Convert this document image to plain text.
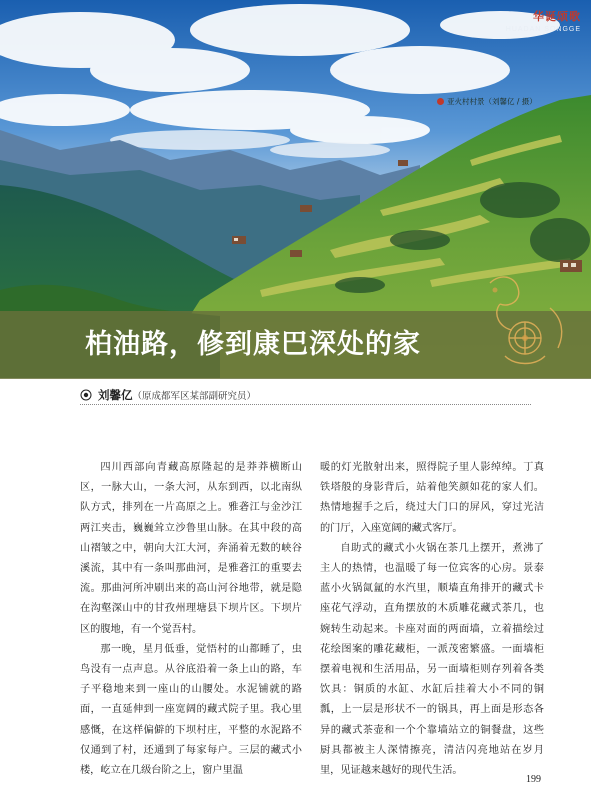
华诞颂歌
HUADAN SONGGE
亚火村村景（刘馨亿 / 摄）
柏油路，修到康巴深处的家
刘馨亿 （原成都军区某部副研究员）

四川西部向青藏高原隆起的是莽莽横断山区，一脉大山，一条大河，从东到西，以北南纵队方式，排列在一片高原之上。雅砻江与金沙江两江夹击，巍巍耸立沙鲁里山脉。在其中段的高山褶皱之中，朝向大江大河，奔涌着无数的峡谷溪流，其中有一条叫那曲河，是雅砻江的重要去流。那曲河所冲刷出来的高山河谷地带，就是隐在沟壑深山中的甘孜州理塘县下坝片区。下坝片区的腹地，有一个觉吾村。

那一晚，星月低垂，觉悟村的山都睡了，虫鸟没有一点声息。从谷底沿着一条上山的路，车子平稳地来到一座山的山腰处。水泥铺就的路面，一直延伸到一座宽阔的藏式院子里。我心里感慨，在这样偏僻的下坝村庄，平整的水泥路不仅通到了村，还通到了每家每户。三层的藏式小楼，屹立在几级台阶之上，窗户里温

暖的灯光散射出来，照得院子里人影绰绰。丁真铁塔般的身影背后，站着他笑颜如花的家人们。热情地握手之后，绕过大门口的屏风，穿过光洁的门厅，入座宽阔的藏式客厅。

自助式的藏式小火锅在茶几上摆开，煮沸了主人的热情，也温暖了每一位宾客的心房。景泰蓝小火锅氤氲的水汽里，顺墙直角排开的藏式卡座花气浮动，直角摆放的木质雕花藏式茶几，也婉转生动起来。卡座对面的两面墙，立着描绘过花绘图案的雕花藏柜，一派茂密繁盛。一面墙柜摆着电视和生活用品，另一面墙柜则存列着各类饮具：铜质的水缸、水缸后挂着大小不同的铜瓢，上一层是形状不一的锅具，再上面是形态各异的藏式茶壶和一个个靠墙站立的铜餐盘，这些厨具都被主人深情擦亮，清洁闪亮地站在岁月里，见证越来越好的现代生活。

199
